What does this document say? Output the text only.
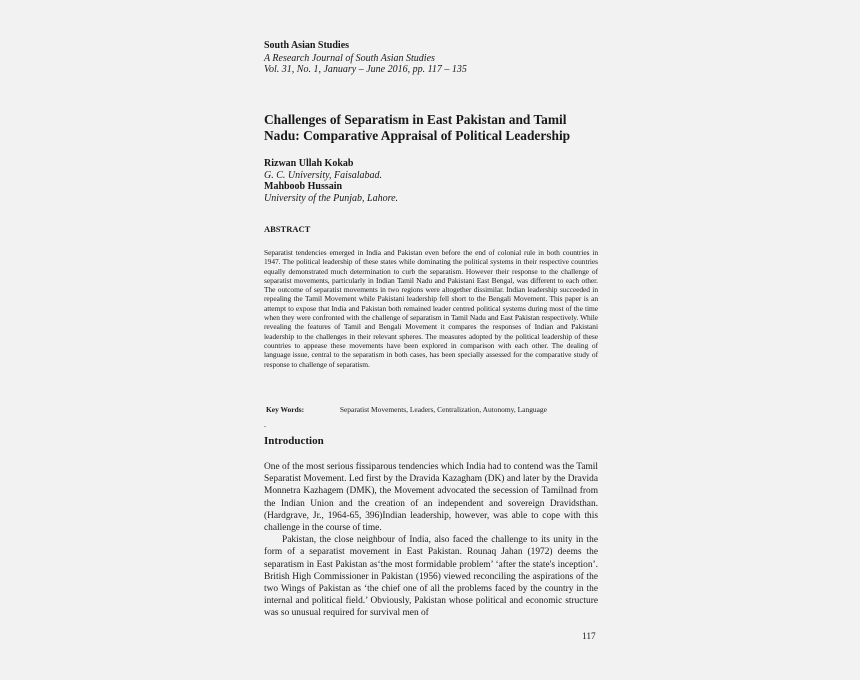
South Asian Studies
A Research Journal of South Asian Studies
Vol. 31, No. 1, January – June 2016, pp. 117 – 135
Challenges of Separatism in East Pakistan and Tamil Nadu: Comparative Appraisal of Political Leadership
Rizwan Ullah Kokab
G. C. University, Faisalabad.
Mahboob Hussain
University of the Punjab, Lahore.
ABSTRACT
Separatist tendencies emerged in India and Pakistan even before the end of colonial rule in both countries in 1947. The political leadership of these states while dominating the political systems in their respective countries equally demonstrated much determination to curb the separatism. However their response to the challenge of separatist movements, particularly in Indian Tamil Nadu and Pakistani East Bengal, was different to each other. The outcome of separatist movements in two regions were altogether dissimilar. Indian leadership succeeded in repealing the Tamil Movement while Pakistani leadership fell short to the Bengali Movement. This paper is an attempt to expose that India and Pakistan both remained leader centred political systems during most of the time when they were confronted with the challenge of separatism in Tamil Nadu and East Pakistan respectively. While revealing the features of Tamil and Bengali Movement it compares the responses of Indian and Pakistani leadership to the challenges in their relevant spheres. The measures adopted by the political leadership of these countries to appease these movements have been explored in comparison with each other. The dealing of language issue, central to the separatism in both cases, has been specially assessed for the comparative study of response to challenge of separatism.
Key Words:	Separatist Movements, Leaders, Centralization, Autonomy, Language
.
Introduction

One of the most serious fissiparous tendencies which India had to contend was the Tamil Separatist Movement. Led first by the Dravida Kazagham (DK) and later by the Dravida Monnetra Kazhagem (DMK), the Movement advocated the secession of Tamilnad from the Indian Union and the creation of an independent and sovereign Dravidsthan. (Hardgrave, Jr., 1964-65, 396)Indian leadership, however, was able to cope with this challenge in the course of time.

Pakistan, the close neighbour of India, also faced the challenge to its unity in the form of a separatist movement in East Pakistan. Rounaq Jahan (1972) deems the separatism in East Pakistan as‘the most formidable problem’ ‘after the state's inception’. British High Commissioner in Pakistan (1956) viewed reconciling the aspirations of the two Wings of Pakistan as ‘the chief one of all the problems faced by the country in the internal and political field.’ Obviously, Pakistan whose political and economic structure was so unusual required for survival men of

117
